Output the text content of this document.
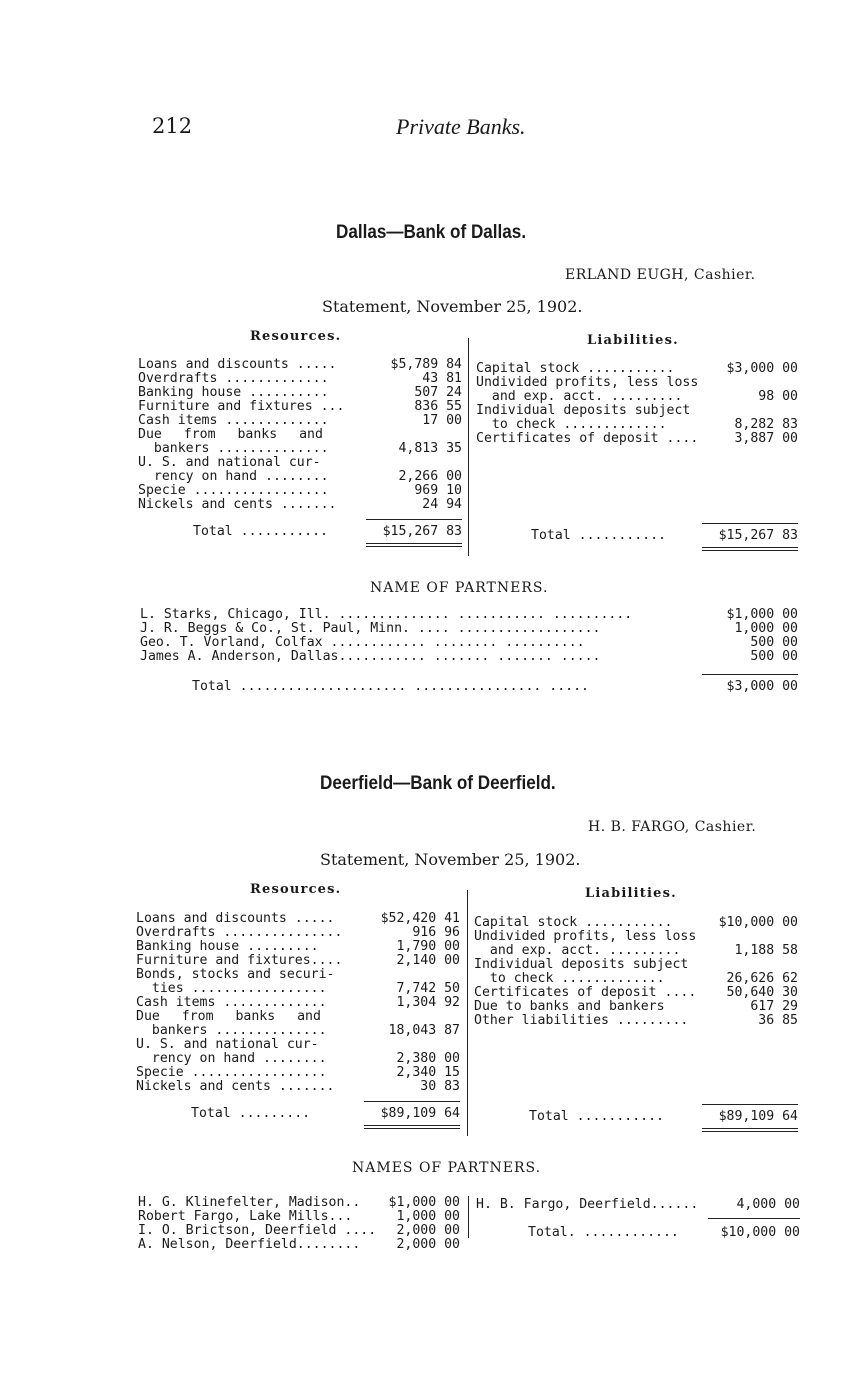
212	Private Banks.
Dallas—Bank of Dallas.
ERLAND EUGH, Cashier.
Statement, November 25, 1902.
Resources.	Liabilities.
Loans and discounts .....	$5,789 84
Overdrafts .............	43 81
Banking house ..........	507 24
Furniture and fixtures ...	836 55
Cash items .............	17 00
Due from banks and
bankers ..............	4,813 35
U. S. and national cur-
rency on hand ........	2,266 00
Specie .................	969 10
Nickels and cents .......	24 94
Total ...........	$15,267 83
Capital stock ...........	$3,000 00
Undivided profits, less loss
and exp. acct. .........	98 00
Individual deposits subject
to check .............	8,282 83
Certificates of deposit ....	3,887 00
Total ...........	$15,267 83
NAME OF PARTNERS.
L. Starks, Chicago, Ill. .............. ........... ..........	$1,000 00
J. R. Beggs & Co., St. Paul, Minn. .... ..................	1,000 00
Geo. T. Vorland, Colfax ............ ........ ..........	500 00
James A. Anderson, Dallas........... ....... ....... .....	500 00
Total ..................... ................ .....	$3,000 00
Deerfield—Bank of Deerfield.
H. B. FARGO, Cashier.
Statement, November 25, 1902.
Resources.	Liabilities.
Loans and discounts .....	$52,420 41
Overdrafts ...............	916 96
Banking house .........	1,790 00
Furniture and fixtures....	2,140 00
Bonds, stocks and securi-
ties .................	7,742 50
Cash items .............	1,304 92
Due from banks and
bankers ..............	18,043 87
U. S. and national cur-
rency on hand ........	2,380 00
Specie .................	2,340 15
Nickels and cents .......	30 83
Total .........	$89,109 64
Capital stock ...........	$10,000 00
Undivided profits, less loss
and exp. acct. .........	1,188 58
Individual deposits subject
to check .............	26,626 62
Certificates of deposit .... 50,640 30
Due to banks and bankers	617 29
Other liabilities .........	36 85
Total ...........	$89,109 64
NAMES OF PARTNERS.
H. G. Klinefelter, Madison.. $1,000 00
Robert Fargo, Lake Mills...	1,000 00
I. O. Brictson, Deerfield .... 2,000 00
A. Nelson, Deerfield........	2,000 00
H. B. Fargo, Deerfield......	4,000 00
Total. ............	$10,000 00
